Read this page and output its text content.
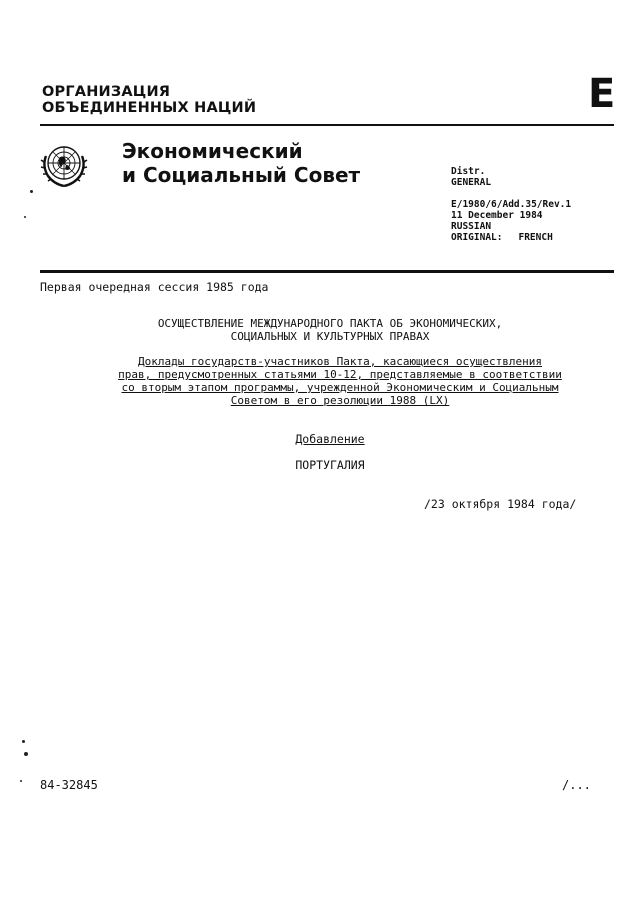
ОРГАНИЗАЦИЯ
ОБЪЕДИНЕННЫХ НАЦИЙ	E
Экономический
и Социальный Совет	Distr.
GENERAL
E/1980/6/Add.35/Rev.1
11 December 1984
RUSSIAN
ORIGINAL: FRENCH
Первая очередная сессия 1985 года
ОСУЩЕСТВЛЕНИЕ МЕЖДУНАРОДНОГО ПАКТА ОБ ЭКОНОМИЧЕСКИХ,
СОЦИАЛЬНЫХ И КУЛЬТУРНЫХ ПРАВАХ
Доклады государств-участников Пакта, касающиеся осуществления
прав, предусмотренных статьями 10-12, представляемые в соответствии
со вторым этапом программы, учрежденной Экономическим и Социальным
Советом в его резолюции 1988 (LX)
Добавление
ПОРТУГАЛИЯ
/23 октября 1984 года/
84-32845	/...
